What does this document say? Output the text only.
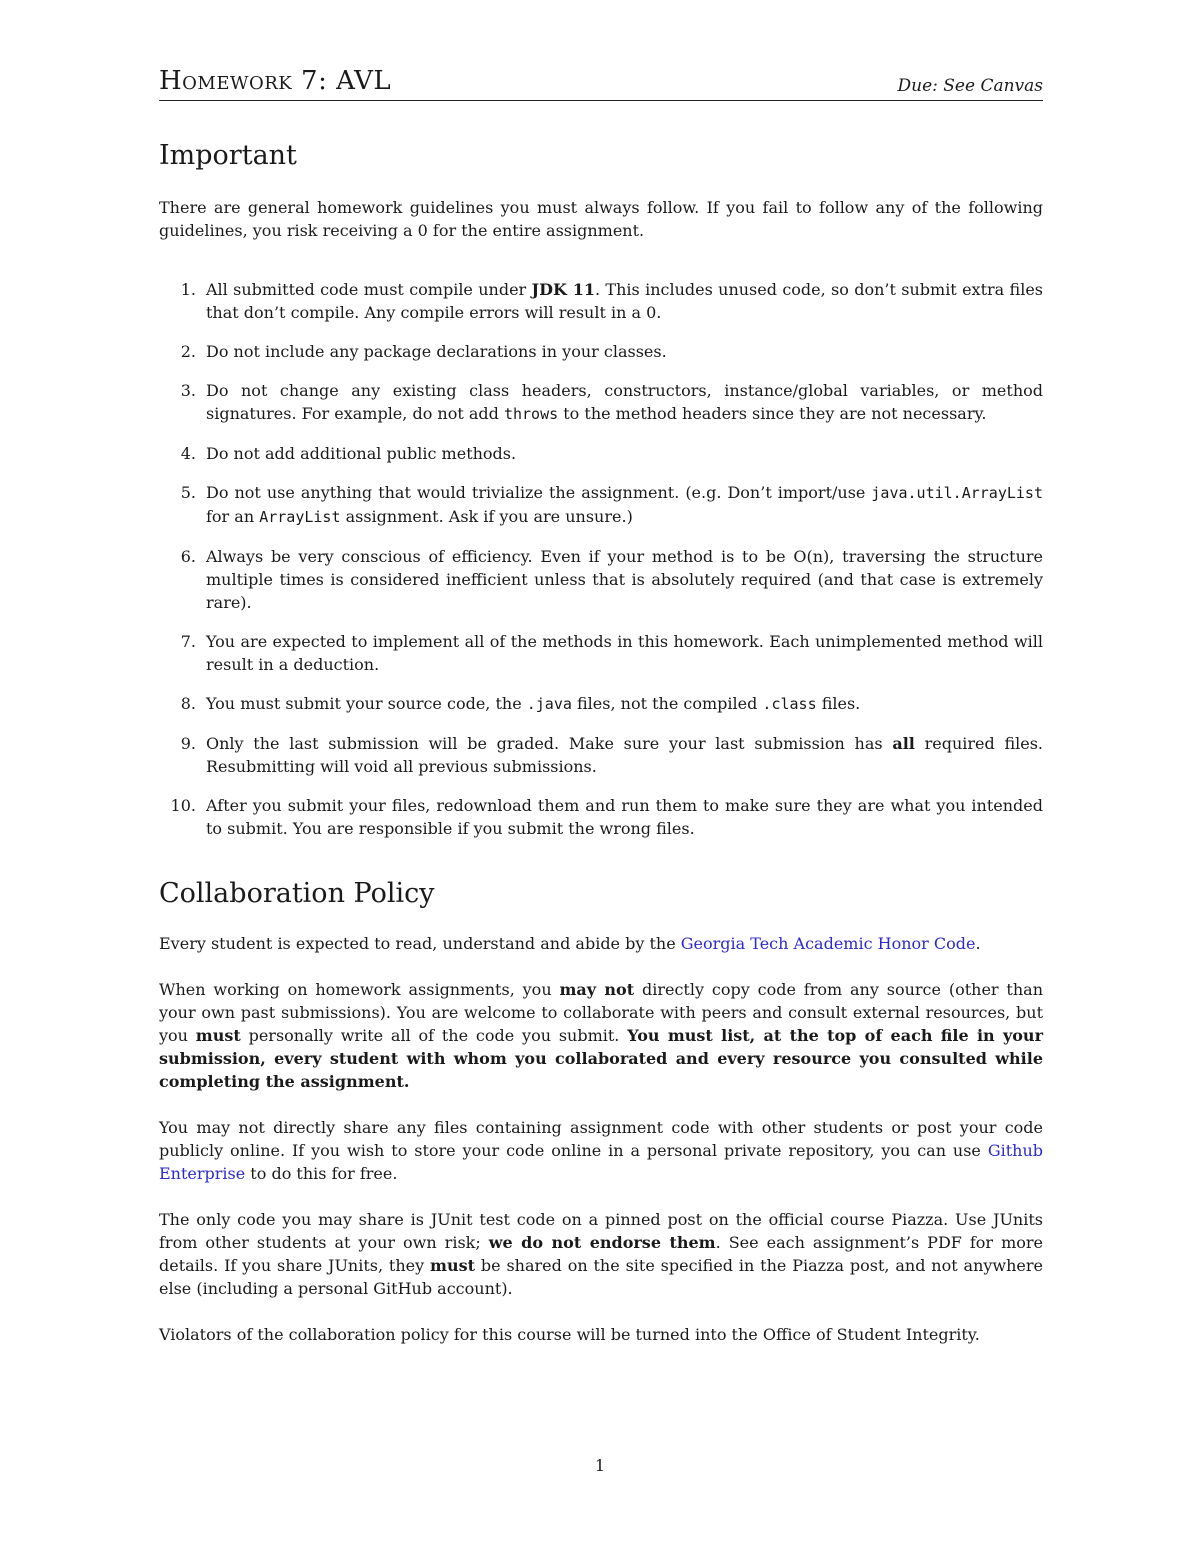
Homework 7: AVL	Due: See Canvas
Important

There are general homework guidelines you must always follow. If you fail to follow any of the following guidelines, you risk receiving a 0 for the entire assignment.

1. All submitted code must compile under JDK 11. This includes unused code, so don’t submit extra files that don’t compile. Any compile errors will result in a 0.
2. Do not include any package declarations in your classes.
3. Do not change any existing class headers, constructors, instance/global variables, or method signatures. For example, do not add throws to the method headers since they are not necessary.
4. Do not add additional public methods.
5. Do not use anything that would trivialize the assignment. (e.g. Don’t import/use java.util.ArrayList for an ArrayList assignment. Ask if you are unsure.)
6. Always be very conscious of efficiency. Even if your method is to be O(n), traversing the structure multiple times is considered inefficient unless that is absolutely required (and that case is extremely rare).
7. You are expected to implement all of the methods in this homework. Each unimplemented method will result in a deduction.
8. You must submit your source code, the .java files, not the compiled .class files.
9. Only the last submission will be graded. Make sure your last submission has all required files. Resubmitting will void all previous submissions.
10. After you submit your files, redownload them and run them to make sure they are what you intended to submit. You are responsible if you submit the wrong files.
Collaboration Policy

Every student is expected to read, understand and abide by the Georgia Tech Academic Honor Code.

When working on homework assignments, you may not directly copy code from any source (other than your own past submissions). You are welcome to collaborate with peers and consult external resources, but you must personally write all of the code you submit. You must list, at the top of each file in your submission, every student with whom you collaborated and every resource you consulted while completing the assignment.

You may not directly share any files containing assignment code with other students or post your code publicly online. If you wish to store your code online in a personal private repository, you can use Github Enterprise to do this for free.

The only code you may share is JUnit test code on a pinned post on the official course Piazza. Use JUnits from other students at your own risk; we do not endorse them. See each assignment’s PDF for more details. If you share JUnits, they must be shared on the site specified in the Piazza post, and not anywhere else (including a personal GitHub account).

Violators of the collaboration policy for this course will be turned into the Office of Student Integrity.

1
